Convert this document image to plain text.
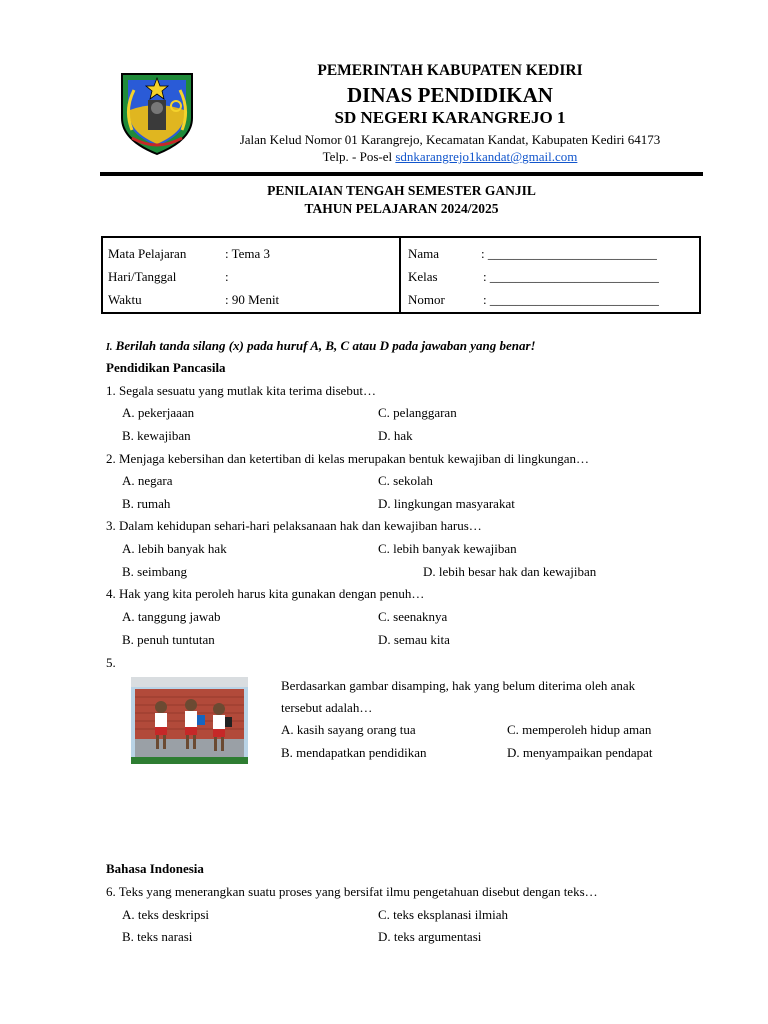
PEMERINTAH KABUPATEN KEDIRI
DINAS PENDIDIKAN
SD NEGERI KARANGREJO 1
Jalan Kelud Nomor 01 Karangrejo, Kecamatan Kandat, Kabupaten Kediri 64173
Telp. - Pos-el sdnkarangrejo1kandat@gmail.com
PENILAIAN TENGAH SEMESTER GANJIL
TAHUN PELAJARAN 2024/2025
Mata Pelajaran	: Tema 3
Hari/Tanggal	:
Waktu	: 90 Menit
Nama	: __________________________
Kelas	: __________________________
Nomor	: __________________________
I. Berilah tanda silang (x) pada huruf A, B, C atau D pada jawaban yang benar!
Pendidikan Pancasila
1. Segala sesuatu yang mutlak kita terima disebut…
A. pekerjaaan	C. pelanggaran
B. kewajiban	D. hak
2. Menjaga kebersihan dan ketertiban di kelas merupakan bentuk kewajiban di lingkungan…
A. negara	C. sekolah
B. rumah	D. lingkungan masyarakat
3. Dalam kehidupan sehari-hari pelaksanaan hak dan kewajiban harus…
A. lebih banyak hak	C. lebih banyak kewajiban
B. seimbang	D. lebih besar hak dan kewajiban
4. Hak yang kita peroleh harus kita gunakan dengan penuh…
A. tanggung jawab	C. seenaknya
B. penuh tuntutan	D. semau kita
5.
Berdasarkan gambar disamping, hak yang belum diterima oleh anak
tersebut adalah…
A. kasih sayang orang tua	C. memperoleh hidup aman
B. mendapatkan pendidikan	D. menyampaikan pendapat
Bahasa Indonesia
6. Teks yang menerangkan suatu proses yang bersifat ilmu pengetahuan disebut dengan teks…
A. teks deskripsi	C. teks eksplanasi ilmiah
B. teks narasi	D. teks argumentasi
